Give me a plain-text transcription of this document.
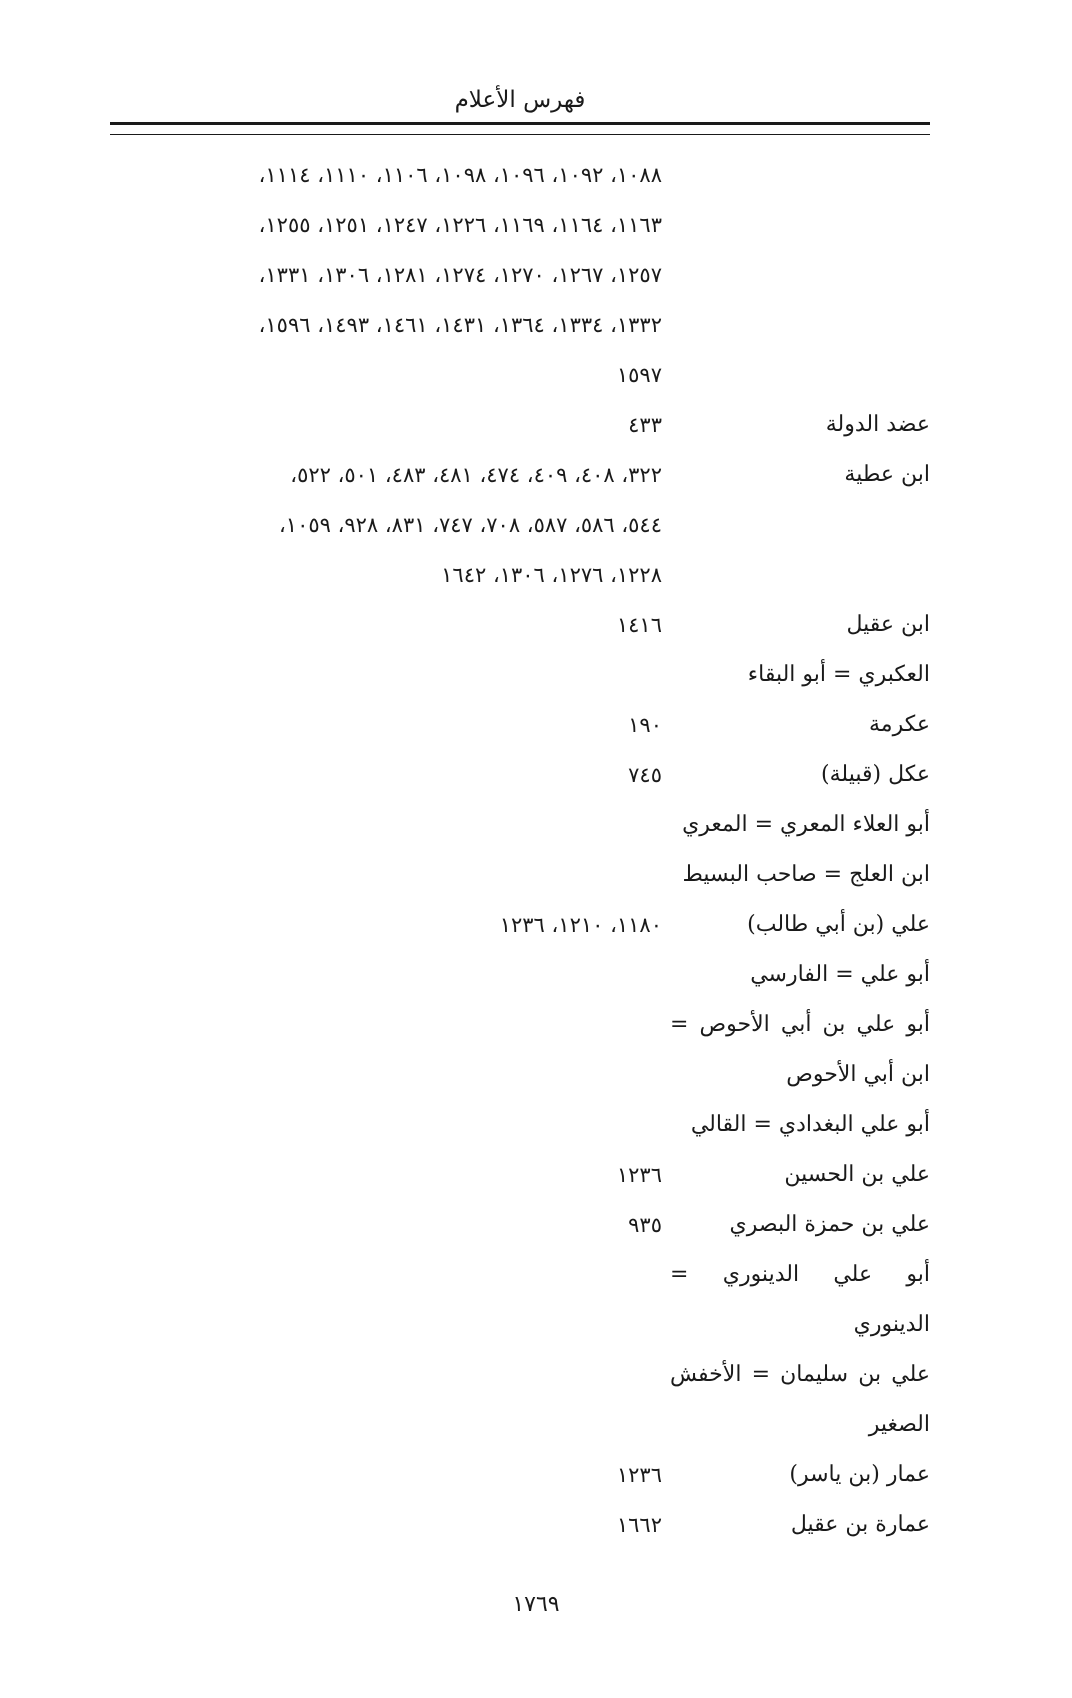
فهرس الأعلام
١٠٨٨، ١٠٩٢، ١٠٩٦، ١٠٩٨، ١١٠٦، ١١١٠، ١١١٤،
١١٦٣، ١١٦٤، ١١٦٩، ١٢٢٦، ١٢٤٧، ١٢٥١، ١٢٥٥،
١٢٥٧، ١٢٦٧، ١٢٧٠، ١٢٧٤، ١٢٨١، ١٣٠٦، ١٣٣١،
١٣٣٢، ١٣٣٤، ١٣٦٤، ١٤٣١، ١٤٦١، ١٤٩٣، ١٥٩٦،
١٥٩٧
عضد الدولة
٤٣٣
ابن عطية
٣٢٢، ٤٠٨، ٤٠٩، ٤٧٤، ٤٨١، ٤٨٣، ٥٠١، ٥٢٢،
٥٤٤، ٥٨٦، ٥٨٧، ٧٠٨، ٧٤٧، ٨٣١، ٩٢٨، ١٠٥٩،
١٢٢٨، ١٢٧٦، ١٣٠٦، ١٦٤٢
ابن عقيل
١٤١٦
العكبري = أبو البقاء
عكرمة
١٩٠
عكل (قبيلة)
٧٤٥
أبو العلاء المعري = المعري
ابن العلج = صاحب البسيط
علي (بن أبي طالب)
١١٨٠، ١٢١٠، ١٢٣٦
أبو علي = الفارسي
أبو علي بن أبي الأحوص =
ابن أبي الأحوص
أبو علي البغدادي = القالي
علي بن الحسين
١٢٣٦
علي بن حمزة البصري
٩٣٥
أبو علي الدينوري =
الدينوري
علي بن سليمان = الأخفش
الصغير
عمار (بن ياسر)
١٢٣٦
عمارة بن عقيل
١٦٦٢
١٧٦٩
